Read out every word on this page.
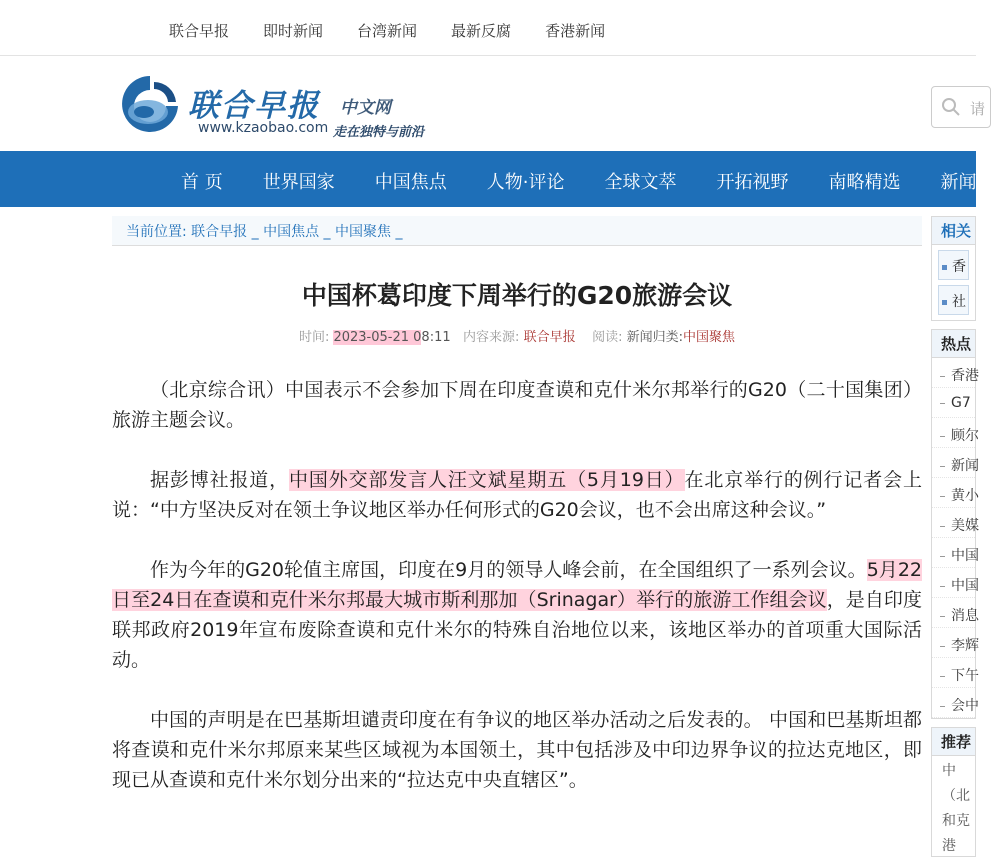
联合早报 即时新闻 台湾新闻 最新反腐 香港新闻
联合早报 中文网
www.kzaobao.com 走在独特与前沿
请
首 页 世界国家 中国焦点 人物·评论 全球文萃 开拓视野 南略精选 新闻
当前位置: 联合早报 _ 中国焦点 _ 中国聚焦 _
中国杯葛印度下周举行的G20旅游会议
时间: 2023-05-21 08:11 内容来源: 联合早报 阅读: 新闻归类:中国聚焦

（北京综合讯）中国表示不会参加下周在印度查谟和克什米尔邦举行的G20（二十国集团）旅游主题会议。

据彭博社报道，中国外交部发言人汪文斌星期五（5月19日）在北京举行的例行记者会上说：“中方坚决反对在领土争议地区举办任何形式的G20会议，也不会出席这种会议。”

作为今年的G20轮值主席国，印度在9月的领导人峰会前，在全国组织了一系列会议。5月22日至24日在查谟和克什米尔邦最大城市斯利那加（Srinagar）举行的旅游工作组会议，是自印度联邦政府2019年宣布废除查谟和克什米尔的特殊自治地位以来，该地区举办的首项重大国际活动。

中国的声明是在巴基斯坦谴责印度在有争议的地区举办活动之后发表的。 中国和巴基斯坦都将查谟和克什米尔邦原来某些区域视为本国领土，其中包括涉及中印边界争议的拉达克地区，即现已从查谟和克什米尔划分出来的“拉达克中央直辖区”。

相关
香
社
热点
香港
G7
顾尔
新闻
黄小
美媒
中国
中国
消息
李辉
下午
会中
推荐
中
（北
和克
港
